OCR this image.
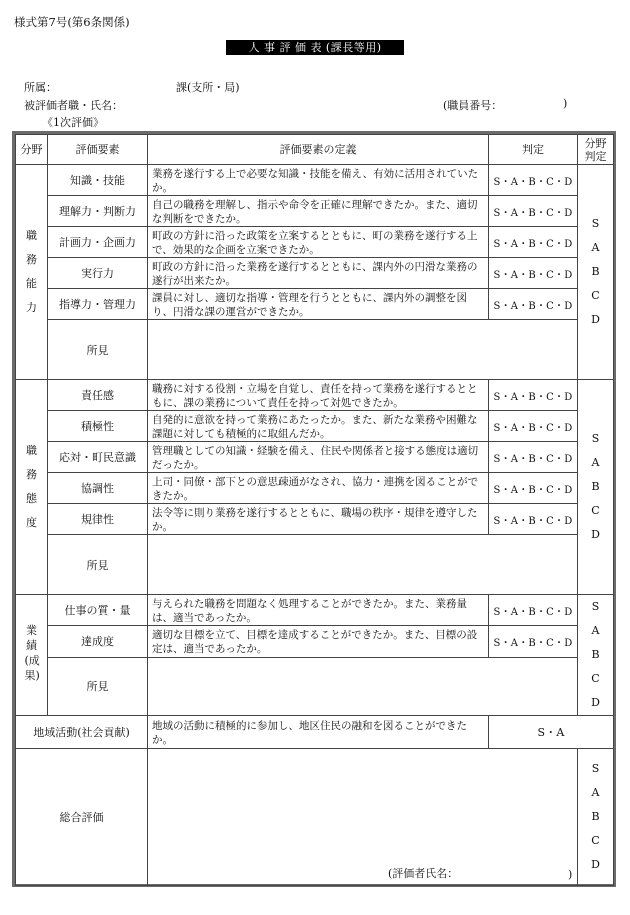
様式第7号(第6条関係)
人 事 評 価 表 (課長等用)
所属：	課(支所・局)
被評価者職・氏名：	(職員番号：	)
《1次評価》
分野	評価要素	評価要素の定義	判定	分野判定
職務能力	知識・技能	業務を遂行する上で必要な知識・技能を備え、有効に活用されていたか。	S・A・B・C・D	SABCD
	理解力・判断力	自己の職務を理解し、指示や命令を正確に理解できたか。また、適切な判断をできたか。	S・A・B・C・D	
	計画力・企画力	町政の方針に沿った政策を立案するとともに、町の業務を遂行する上で、効果的な企画を立案できたか。	S・A・B・C・D	
	実行力	町政の方針に沿った業務を遂行するとともに、課内外の円滑な業務の遂行が出来たか。	S・A・B・C・D	
	指導力・管理力	課員に対し、適切な指導・管理を行うとともに、課内外の調整を図り、円滑な課の運営ができたか。	S・A・B・C・D	
	所見			
職務態度	責任感	職務に対する役割・立場を自覚し、責任を持って業務を遂行するとともに、課の業務について責任を持って対処できたか。	S・A・B・C・D	SABCD
	積極性	自発的に意欲を持って業務にあたったか。また、新たな業務や困難な課題に対しても積極的に取組んだか。	S・A・B・C・D	
	応対・町民意識	管理職としての知識・経験を備え、住民や関係者と接する態度は適切だったか。	S・A・B・C・D	
	協調性	上司・同僚・部下との意思疎通がなされ、協力・連携を図ることができたか。	S・A・B・C・D	
	規律性	法令等に則り業務を遂行するとともに、職場の秩序・規律を遵守したか。	S・A・B・C・D	
	所見			
業績(成果)	仕事の質・量	与えられた職務を問題なく処理することができたか。また、業務量は、適当であったか。	S・A・B・C・D	SABCD
	達成度	適切な目標を立て、目標を達成することができたか。また、目標の設定は、適当であったか。	S・A・B・C・D	
	所見			
地域活動(社会貢献)		地域の活動に積極的に参加し、地区住民の融和を図ることができたか。	S・A	
総合評価		(評価者氏名： )		SABCD
